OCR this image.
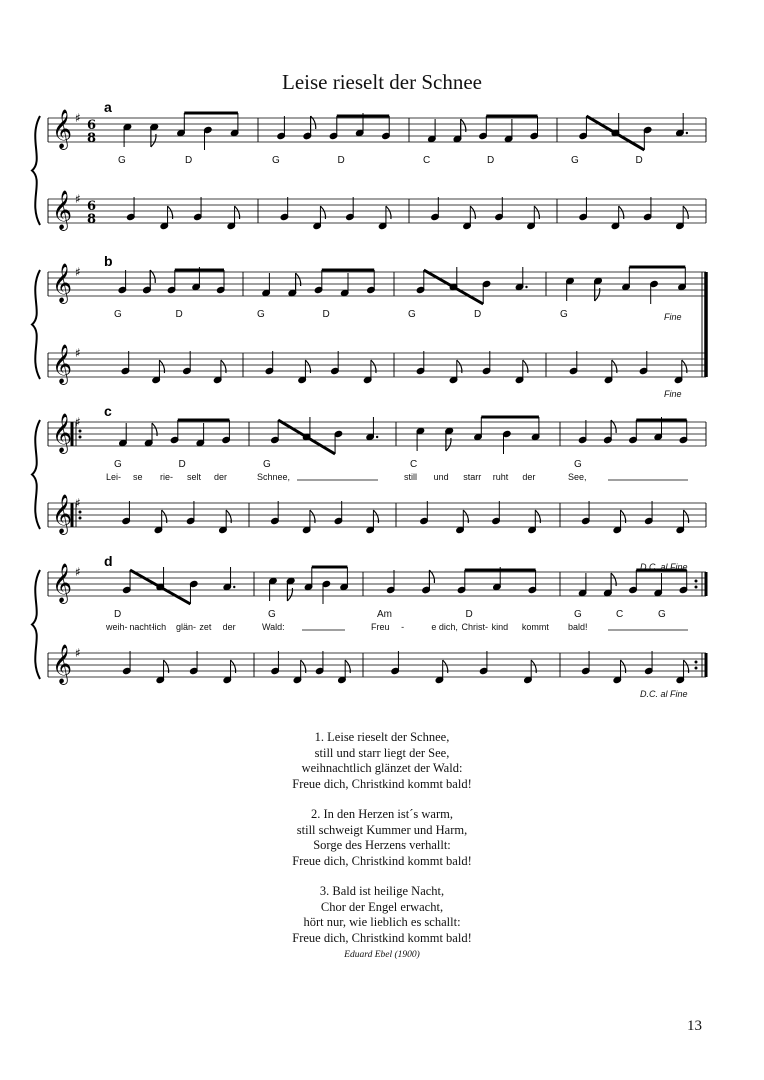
Leise rieselt der Schnee
𝄞 ♯
𝄞 ♯
6
8
6
8
a
G	D	G	D	C	D	G	D
𝄞 ♯
𝄞 ♯
b
G	D	G	D	G	D	G	Fine
Fine
𝄞 ♯
𝄞 ♯
c
G	D	G	C	G
Lei- se rie- selt der	Schnee,	still und starr ruht der	See,
𝄞 ♯
𝄞 ♯
d
D	G	Am	D	G	C	G
weih- nacht-
lich glän- zet der	Wald:	Freu -	e dich, Christ- kind kommt bald!
D.C. al Fine
D.C. al Fine
1. Leise rieselt der Schnee,
still und starr liegt der See,
weihnachtlich glänzet der Wald:
Freue dich, Christkind kommt bald!
2. In den Herzen ist´s warm,
still schweigt Kummer und Harm,
Sorge des Herzens verhallt:
Freue dich, Christkind kommt bald!
3. Bald ist heilige Nacht,
Chor der Engel erwacht,
hört nur, wie lieblich es schallt:
Freue dich, Christkind kommt bald!
Eduard Ebel (1900)
13
